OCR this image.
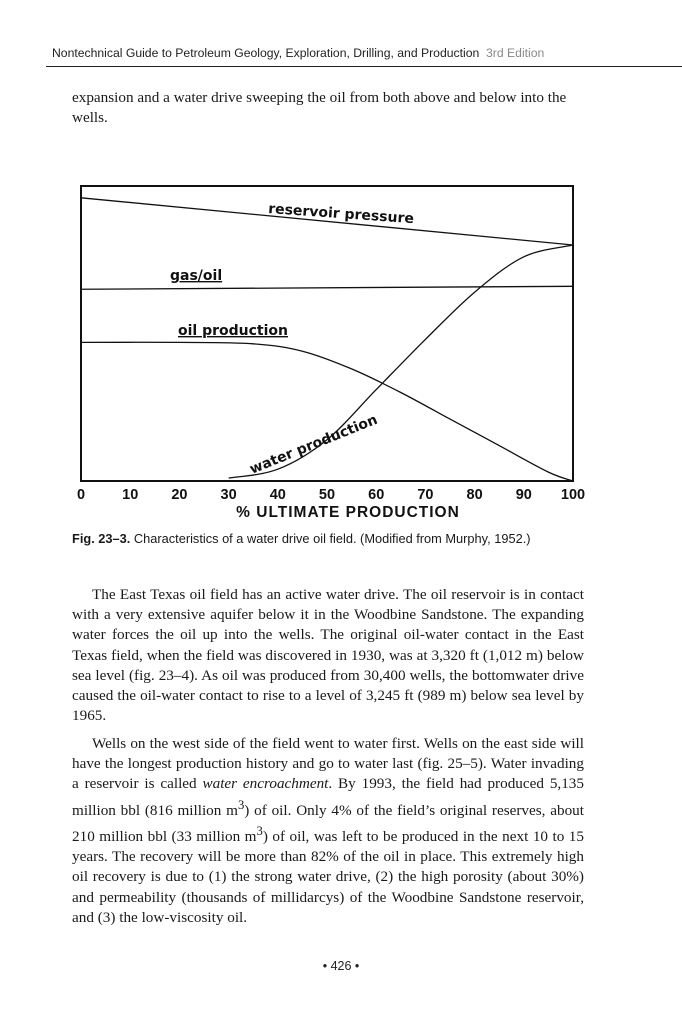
Nontechnical Guide to Petroleum Geology, Exploration, Drilling, and Production 3rd Edition

expansion and a water drive sweeping the oil from both above and below into the wells.

reservoir pressure
gas/oil
oil production
water production
0	10 20 30 40 50 60 70 80 90 100
% ULTIMATE PRODUCTION
Fig. 23–3. Characteristics of a water drive oil field. (Modified from Murphy, 1952.)

The East Texas oil field has an active water drive. The oil reservoir is in contact with a very extensive aquifer below it in the Woodbine Sandstone. The expanding water forces the oil up into the wells. The original oil-water contact in the East Texas field, when the field was discovered in 1930, was at 3,320 ft (1,012 m) below sea level (fig. 23–4). As oil was produced from 30,400 wells, the bottomwater drive caused the oil-water contact to rise to a level of 3,245 ft (989 m) below sea level by 1965.

Wells on the west side of the field went to water first. Wells on the east side will have the longest production history and go to water last (fig. 25–5). Water invading a reservoir is called water encroachment. By 1993, the field had produced 5,135 million bbl (816 million $m^3$) of oil. Only 4% of the field’s original reserves, about 210 million bbl (33 million $m^3$) of oil, was left to be produced in the next 10 to 15 years. The recovery will be more than 82% of the oil in place. This extremely high oil recovery is due to (1) the strong water drive, (2) the high porosity (about 30%) and permeability (thousands of millidarcys) of the Woodbine Sandstone reservoir, and (3) the low-viscosity oil.

• 426 •
